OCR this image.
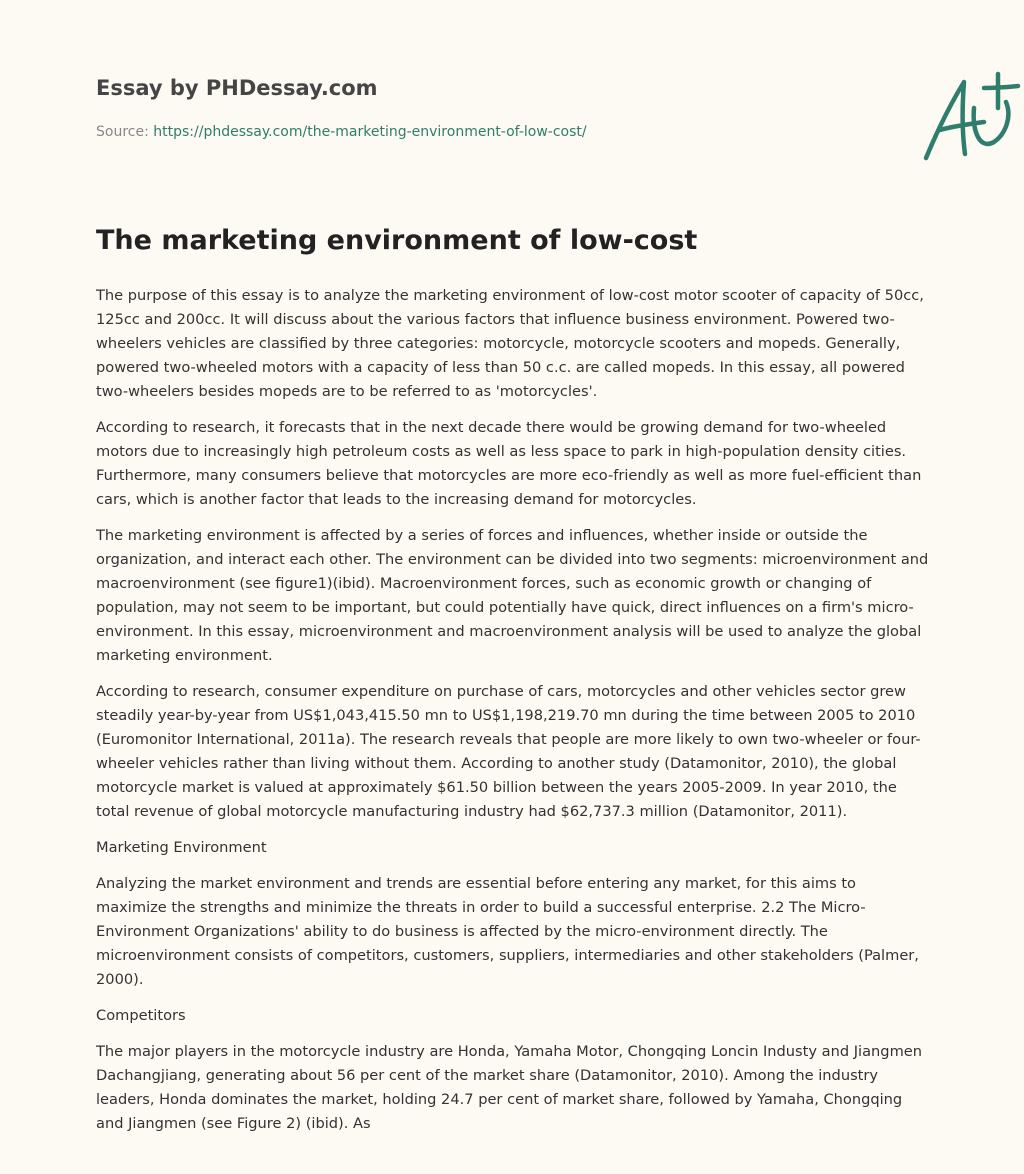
Essay by PHDessay.com
Source: https://phdessay.com/the-marketing-environment-of-low-cost/
The marketing environment of low-cost

The purpose of this essay is to analyze the marketing environment of low-cost motor scooter of capacity of 50cc, 125cc and 200cc. It will discuss about the various factors that influence business environment. Powered two-wheelers vehicles are classified by three categories: motorcycle, motorcycle scooters and mopeds. Generally, powered two-wheeled motors with a capacity of less than 50 c.c. are called mopeds. In this essay, all powered two-wheelers besides mopeds are to be referred to as 'motorcycles'.

According to research, it forecasts that in the next decade there would be growing demand for two-wheeled motors due to increasingly high petroleum costs as well as less space to park in high-population density cities. Furthermore, many consumers believe that motorcycles are more eco-friendly as well as more fuel-efficient than cars, which is another factor that leads to the increasing demand for motorcycles.

The marketing environment is affected by a series of forces and influences, whether inside or outside the organization, and interact each other. The environment can be divided into two segments: microenvironment and macroenvironment (see figure1)(ibid). Macroenvironment forces, such as economic growth or changing of population, may not seem to be important, but could potentially have quick, direct influences on a firm's micro-environment. In this essay, microenvironment and macroenvironment analysis will be used to analyze the global marketing environment.

According to research, consumer expenditure on purchase of cars, motorcycles and other vehicles sector grew steadily year-by-year from US$1,043,415.50 mn to US$1,198,219.70 mn during the time between 2005 to 2010 (Euromonitor International, 2011a). The research reveals that people are more likely to own two-wheeler or four-wheeler vehicles rather than living without them. According to another study (Datamonitor, 2010), the global motorcycle market is valued at approximately $61.50 billion between the years 2005-2009. In year 2010, the total revenue of global motorcycle manufacturing industry had $62,737.3 million (Datamonitor, 2011).

Marketing Environment

Analyzing the market environment and trends are essential before entering any market, for this aims to maximize the strengths and minimize the threats in order to build a successful enterprise. 2.2 The Micro-Environment Organizations' ability to do business is affected by the micro-environment directly. The microenvironment consists of competitors, customers, suppliers, intermediaries and other stakeholders (Palmer, 2000).

Competitors

The major players in the motorcycle industry are Honda, Yamaha Motor, Chongqing Loncin Industy and Jiangmen Dachangjiang, generating about 56 per cent of the market share (Datamonitor, 2010). Among the industry leaders, Honda dominates the market, holding 24.7 per cent of market share, followed by Yamaha, Chongqing and Jiangmen (see Figure 2) (ibid). As
